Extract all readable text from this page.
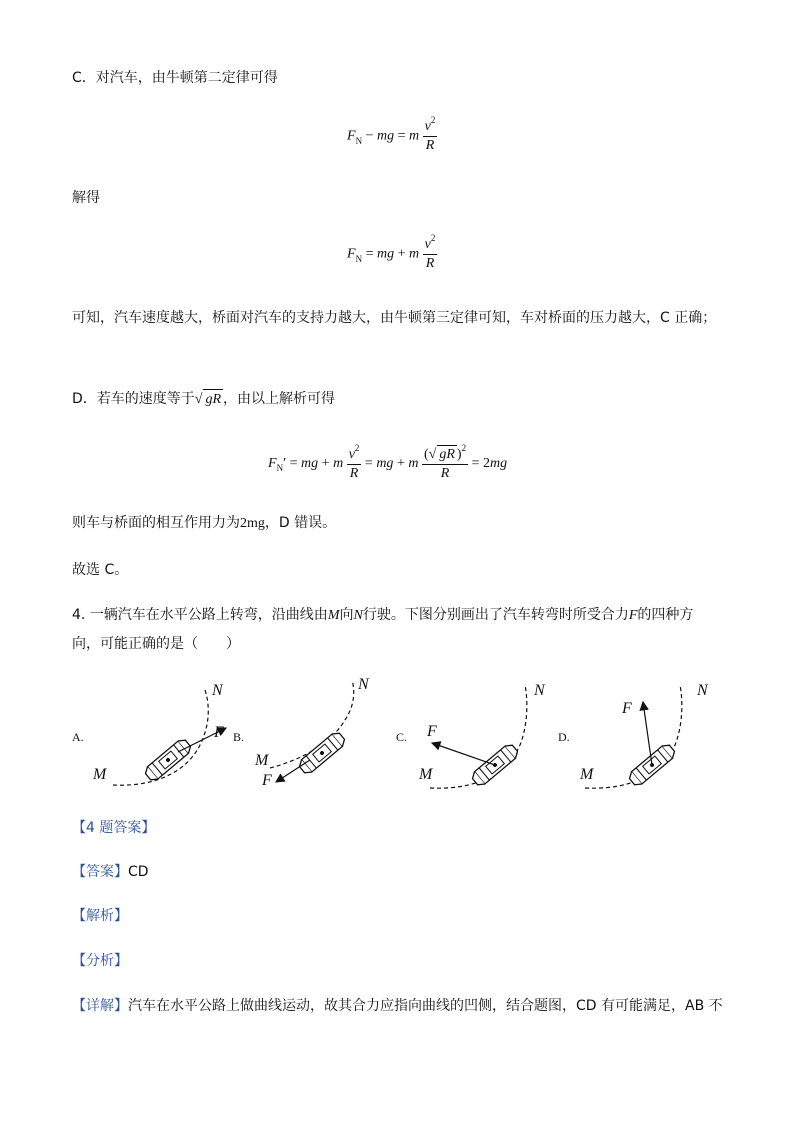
C．对汽车，由牛顿第二定律可得
$F_N$ − mg = m $\frac{v^2}{R}$
解得
$F_N$ = mg + m $\frac{v^2}{R}$
可知，汽车速度越大，桥面对汽车的支持力越大，由牛顿第三定律可知，车对桥面的压力越大，C 正确；
D．若车的速度等于√ gR ，由以上解析可得
$F_N'$ = mg + m $\frac{v^2}{R}$ = mg + m $\frac{(√ gR )^2}{R} = 2mg$
则车与桥面的相互作用力为2mg，D 错误。
故选 C。
4. 一辆汽车在水平公路上转弯，沿曲线由M向N行驶。下图分别画出了汽车转弯时所受合力F的四种方
向，可能正确的是（　　）
A.	B.	C.	D.
N
M
F
N
M
F
N
M
F
N
M
F
【4 题答案】
【答案】CD
【解析】
【分析】
【详解】汽车在水平公路上做曲线运动，故其合力应指向曲线的凹侧，结合题图，CD 有可能满足，AB 不
